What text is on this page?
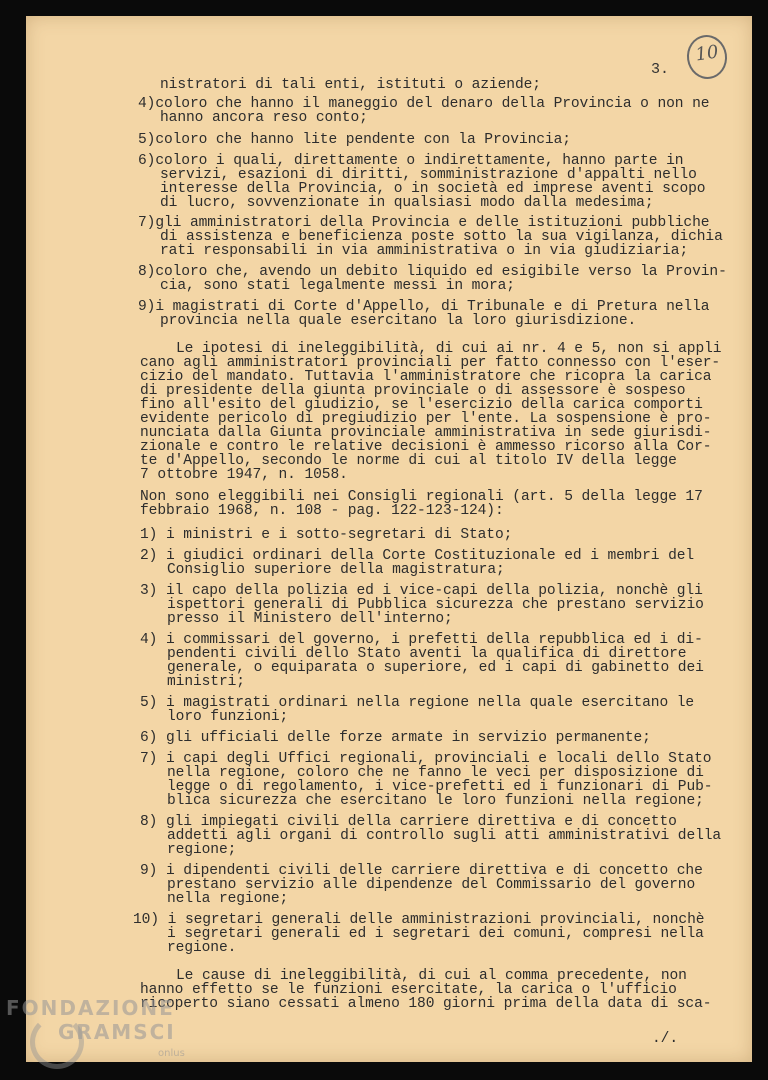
3.
10
nistratori di tali enti, istituti o aziende;
4)coloro che hanno il maneggio del denaro della Provincia o non ne
hanno ancora reso conto;
5)coloro che hanno lite pendente con la Provincia;
6)coloro i quali, direttamente o indirettamente, hanno parte in
servizi, esazioni di diritti, somministrazione d'appalti nello
interesse della Provincia, o in società ed imprese aventi scopo
di lucro, sovvenzionate in qualsiasi modo dalla medesima;
7)gli amministratori della Provincia e delle istituzioni pubbliche
di assistenza e beneficienza poste sotto la sua vigilanza, dichia
rati responsabili in via amministrativa o in via giudiziaria;
8)coloro che, avendo un debito liquido ed esigibile verso la Provin-
cia, sono stati legalmente messi in mora;
9)i magistrati di Corte d'Appello, di Tribunale e di Pretura nella
provincia nella quale esercitano la loro giurisdizione.
Le ipotesi di ineleggibilità, di cui ai nr. 4 e 5, non si appli
cano agli amministratori provinciali per fatto connesso con l'eser-
cizio del mandato. Tuttavia l'amministratore che ricopra la carica
di presidente della giunta provinciale o di assessore è sospeso
fino all'esito del giudizio, se l'esercizio della carica comporti
evidente pericolo di pregiudizio per l'ente. La sospensione è pro-
nunciata dalla Giunta provinciale amministrativa in sede giurisdi-
zionale e contro le relative decisioni è ammesso ricorso alla Cor-
te d'Appello, secondo le norme di cui al titolo IV della legge
7 ottobre 1947, n. 1058.
Non sono eleggibili nei Consigli regionali (art. 5 della legge 17
febbraio 1968, n. 108 - pag. 122-123-124):
1) i ministri e i sotto-segretari di Stato;
2) i giudici ordinari della Corte Costituzionale ed i membri del
Consiglio superiore della magistratura;
3) il capo della polizia ed i vice-capi della polizia, nonchè gli
ispettori generali di Pubblica sicurezza che prestano servizio
presso il Ministero dell'interno;
4) i commissari del governo, i prefetti della repubblica ed i di-
pendenti civili dello Stato aventi la qualifica di direttore
generale, o equiparata o superiore, ed i capi di gabinetto dei
ministri;
5) i magistrati ordinari nella regione nella quale esercitano le
loro funzioni;
6) gli ufficiali delle forze armate in servizio permanente;
7) i capi degli Uffici regionali, provinciali e locali dello Stato
nella regione, coloro che ne fanno le veci per disposizione di
legge o di regolamento, i vice-prefetti ed i funzionari di Pub-
blica sicurezza che esercitano le loro funzioni nella regione;
8) gli impiegati civili della carriere direttiva e di concetto
addetti agli organi di controllo sugli atti amministrativi della
regione;
9) i dipendenti civili delle carriere direttiva e di concetto che
prestano servizio alle dipendenze del Commissario del governo
nella regione;
10) i segretari generali delle amministrazioni provinciali, nonchè
i segretari generali ed i segretari dei comuni, compresi nella
regione.
Le cause di ineleggibilità, di cui al comma precedente, non
hanno effetto se le funzioni esercitate, la carica o l'ufficio
ricoperto siano cessati almeno 180 giorni prima della data di sca-
./.
FONDAZIONE
GRAMSCI
onlus
